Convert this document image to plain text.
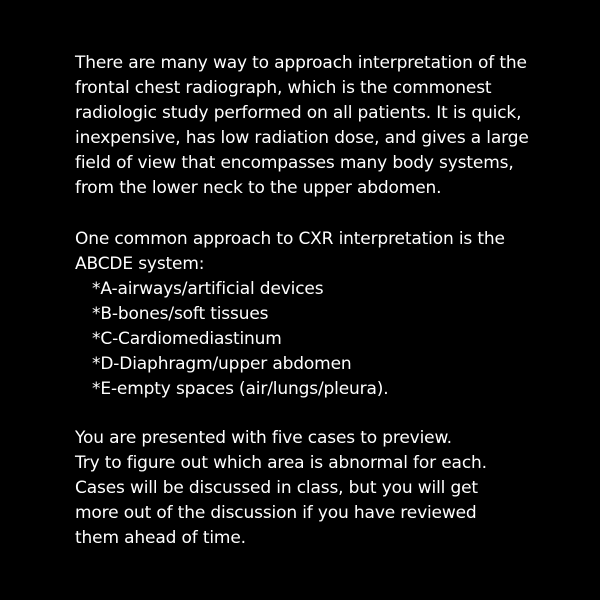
There are many way to approach interpretation of the
frontal chest radiograph, which is the commonest
radiologic study performed on all patients. It is quick,
inexpensive, has low radiation dose, and gives a large
field of view that encompasses many body systems,
from the lower neck to the upper abdomen.

One common approach to CXR interpretation is the
ABCDE system:
*A-airways/artificial devices
*B-bones/soft tissues
*C-Cardiomediastinum
*D-Diaphragm/upper abdomen
*E-empty spaces (air/lungs/pleura).

You are presented with five cases to preview.
Try to figure out which area is abnormal for each.
Cases will be discussed in class, but you will get
more out of the discussion if you have reviewed
them ahead of time.
